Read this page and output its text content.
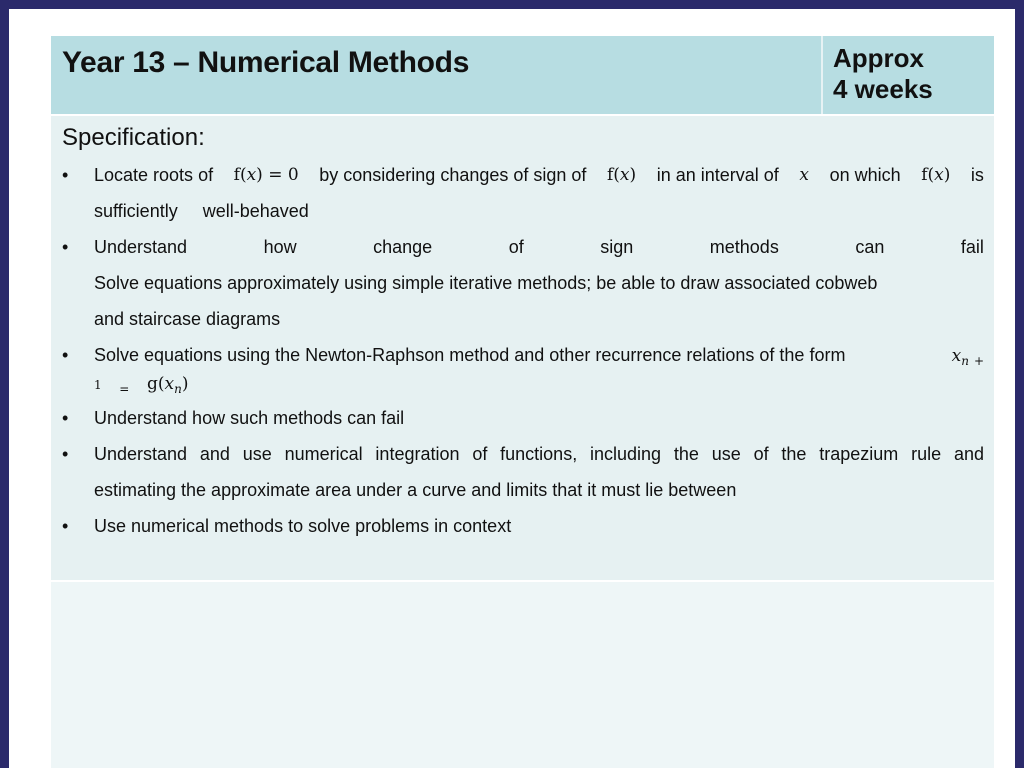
Year 13 – Numerical Methods	Approx
4 weeks
Specification:
• Locate roots of f(𝑥) = 0 by considering changes of sign of f(𝑥) in an interval of 𝑥 on which f(𝑥) is
sufficiently well-behaved
• Understand	how	change	of	sign	methods	can	fail
Solve equations approximately using simple iterative methods; be able to draw associated cobweb
and staircase diagrams
• Solve equations using the Newton-Raphson method and other recurrence relations of the form	𝑥$_𝑛$ $_+$
1 = g(𝑥𝑛)
• Understand how such methods can fail
• Understand and use numerical integration of functions, including the use of the trapezium rule and
estimating the approximate area under a curve and limits that it must lie between
• Use numerical methods to solve problems in context
